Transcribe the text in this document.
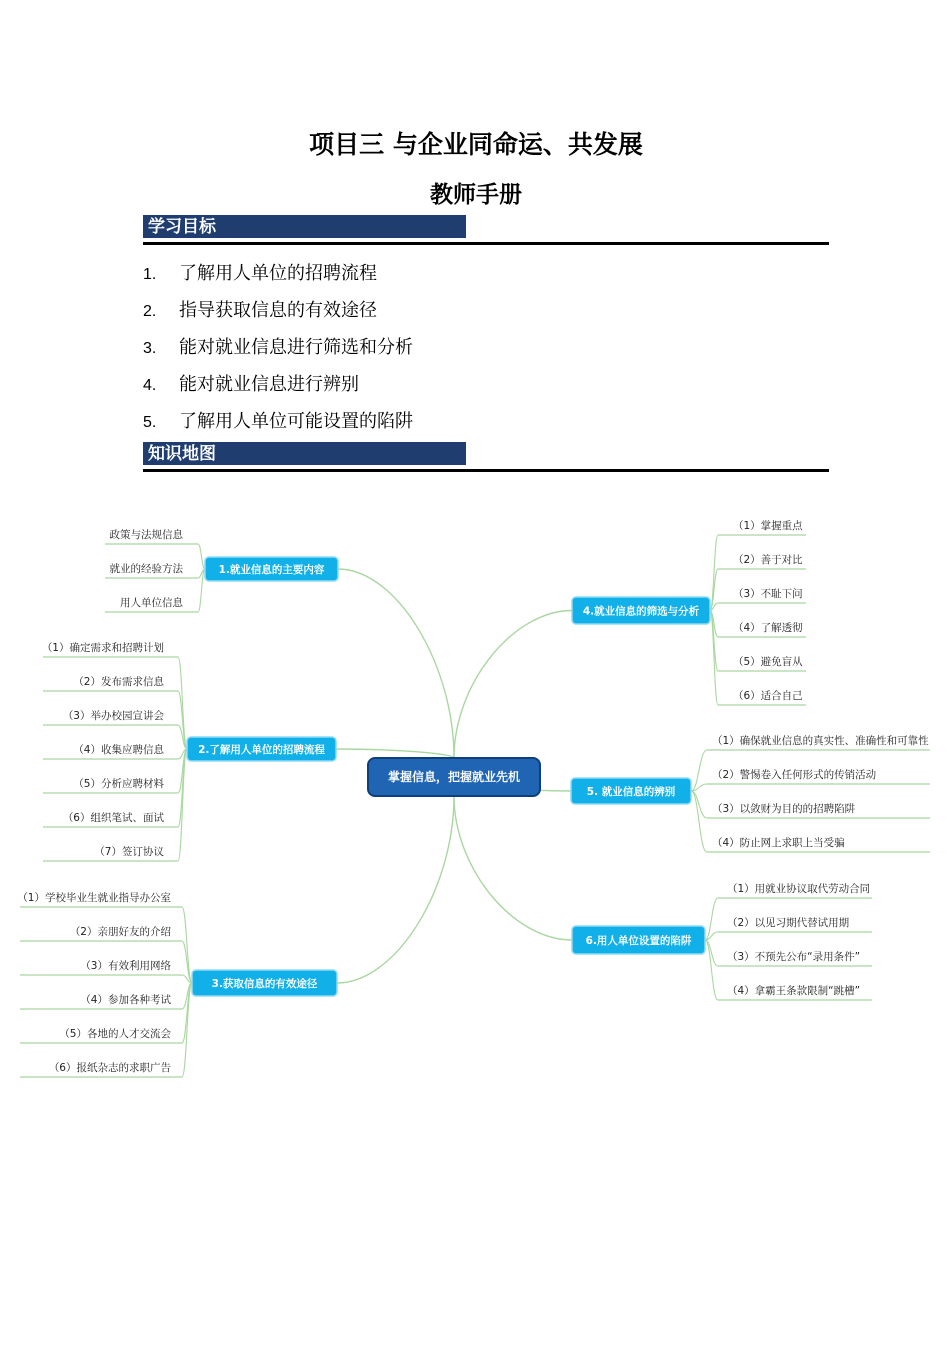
项目三 与企业同命运、共发展
教师手册
学习目标
1. 了解用人单位的招聘流程
2. 指导获取信息的有效途径
3. 能对就业信息进行筛选和分析
4. 能对就业信息进行辨别
5. 了解用人单位可能设置的陷阱
知识地图
政策与法规信息
就业的经验方法
用人单位信息
1.就业信息的主要内容
（1）确定需求和招聘计划
（2）发布需求信息
（3）举办校园宣讲会
（4）收集应聘信息
（5）分析应聘材料
（6）组织笔试、面试
（7）签订协议
2.了解用人单位的招聘流程
（1）学校毕业生就业指导办公室
（2）亲朋好友的介绍
（3）有效利用网络
（4）参加各种考试
（5）各地的人才交流会
（6）报纸杂志的求职广告
3.获取信息的有效途径
（1）掌握重点
（2）善于对比
（3）不耻下问
（4）了解透彻
（5）避免盲从
（6）适合自己
4.就业信息的筛选与分析
（1）确保就业信息的真实性、准确性和可靠性
（2）警惕卷入任何形式的传销活动
（3）以敛财为目的的招聘陷阱
（4）防止网上求职上当受骗
5. 就业信息的辨别
（1）用就业协议取代劳动合同
（2）以见习期代替试用期
（3）不预先公布“录用条件”
（4）拿霸王条款限制“跳槽”
6.用人单位设置的陷阱
掌握信息，把握就业先机
